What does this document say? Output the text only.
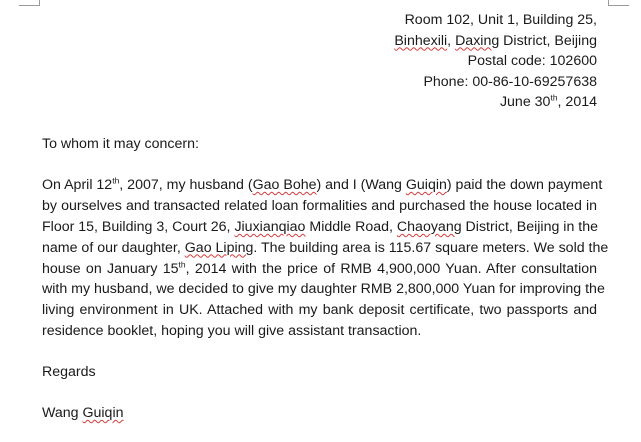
Room 102, Unit 1, Building 25,
Binhexili, Daxing District, Beijing
Postal code: 102600
Phone: 00-86-10-69257638
June 30th, 2014
To whom it may concern:
On April 12th, 2007, my husband (Gao Bohe) and I (Wang Guiqin) paid the down payment
by ourselves and transacted related loan formalities and purchased the house located in
Floor 15, Building 3, Court 26, Jiuxianqiao Middle Road, Chaoyang District, Beijing in the
name of our daughter, Gao Liping. The building area is 115.67 square meters. We sold the
house on January 15th, 2014 with the price of RMB 4,900,000 Yuan. After consultation
with my husband, we decided to give my daughter RMB 2,800,000 Yuan for improving the
living environment in UK. Attached with my bank deposit certificate, two passports and
residence booklet, hoping you will give assistant transaction.
Regards
Wang Guiqin
